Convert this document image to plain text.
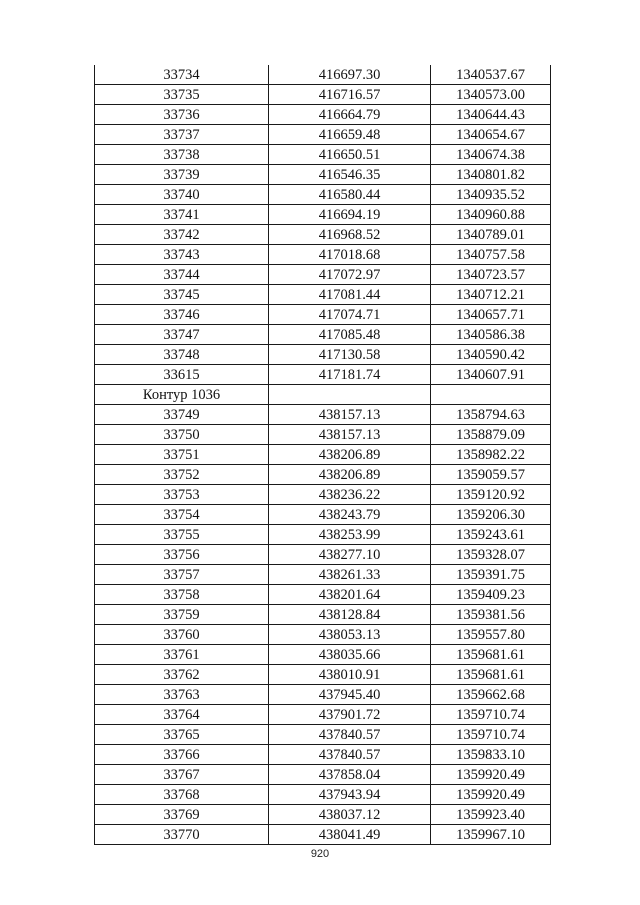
33734	416697.30	1340537.67
33735	416716.57	1340573.00
33736	416664.79	1340644.43
33737	416659.48	1340654.67
33738	416650.51	1340674.38
33739	416546.35	1340801.82
33740	416580.44	1340935.52
33741	416694.19	1340960.88
33742	416968.52	1340789.01
33743	417018.68	1340757.58
33744	417072.97	1340723.57
33745	417081.44	1340712.21
33746	417074.71	1340657.71
33747	417085.48	1340586.38
33748	417130.58	1340590.42
33615	417181.74	1340607.91
Контур 1036		
33749	438157.13	1358794.63
33750	438157.13	1358879.09
33751	438206.89	1358982.22
33752	438206.89	1359059.57
33753	438236.22	1359120.92
33754	438243.79	1359206.30
33755	438253.99	1359243.61
33756	438277.10	1359328.07
33757	438261.33	1359391.75
33758	438201.64	1359409.23
33759	438128.84	1359381.56
33760	438053.13	1359557.80
33761	438035.66	1359681.61
33762	438010.91	1359681.61
33763	437945.40	1359662.68
33764	437901.72	1359710.74
33765	437840.57	1359710.74
33766	437840.57	1359833.10
33767	437858.04	1359920.49
33768	437943.94	1359920.49
33769	438037.12	1359923.40
33770	438041.49	1359967.10
920
